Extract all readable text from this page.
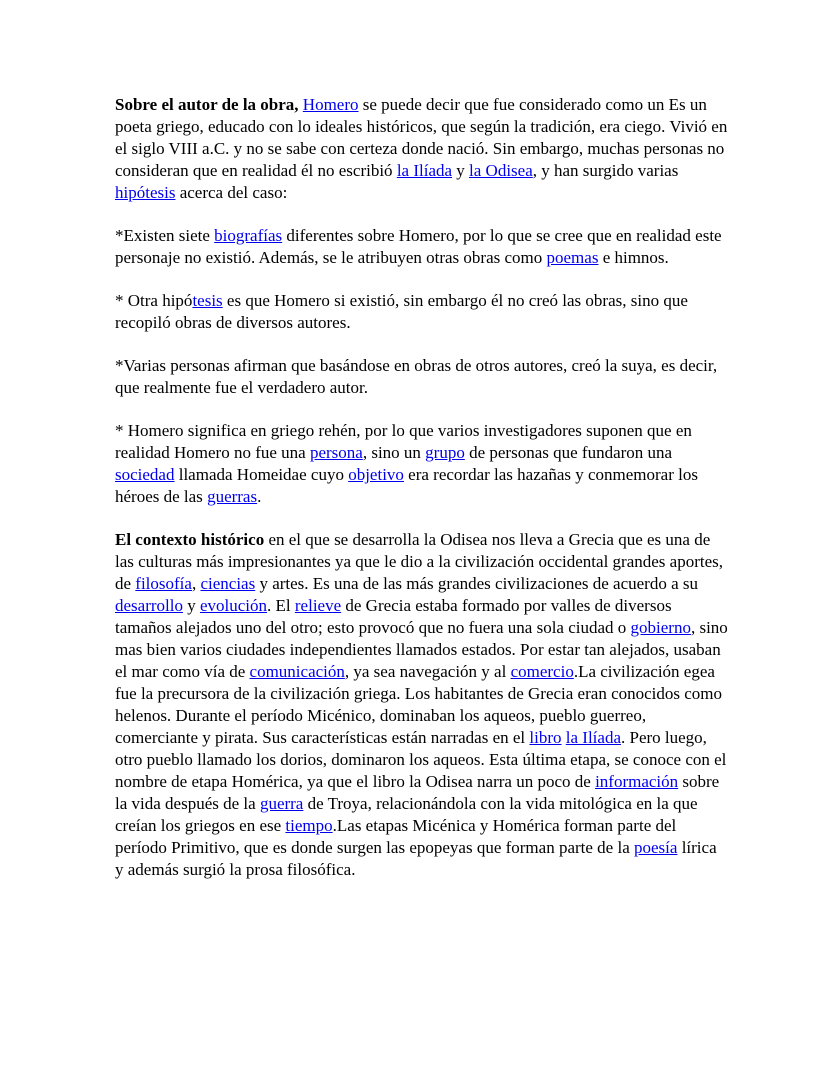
Sobre el autor de la obra, Homero se puede decir que fue considerado como un Es un poeta griego, educado con lo ideales históricos, que según la tradición, era ciego. Vivió en el siglo VIII a.C. y no se sabe con certeza donde nació. Sin embargo, muchas personas no consideran que en realidad él no escribió la Ilíada y la Odisea, y han surgido varias hipótesis acerca del caso:

*Existen siete biografías diferentes sobre Homero, por lo que se cree que en realidad este personaje no existió. Además, se le atribuyen otras obras como poemas e himnos.

* Otra hipótesis es que Homero si existió, sin embargo él no creó las obras, sino que recopiló obras de diversos autores.

*Varias personas afirman que basándose en obras de otros autores, creó la suya, es decir, que realmente fue el verdadero autor.

* Homero significa en griego rehén, por lo que varios investigadores suponen que en realidad Homero no fue una persona, sino un grupo de personas que fundaron una sociedad llamada Homeidae cuyo objetivo era recordar las hazañas y conmemorar los héroes de las guerras.

El contexto histórico en el que se desarrolla la Odisea nos lleva a Grecia que es una de las culturas más impresionantes ya que le dio a la civilización occidental grandes aportes, de filosofía, ciencias y artes. Es una de las más grandes civilizaciones de acuerdo a su desarrollo y evolución. El relieve de Grecia estaba formado por valles de diversos tamaños alejados uno del otro; esto provocó que no fuera una sola ciudad o gobierno, sino mas bien varios ciudades independientes llamados estados. Por estar tan alejados, usaban el mar como vía de comunicación, ya sea navegación y al comercio.La civilización egea fue la precursora de la civilización griega. Los habitantes de Grecia eran conocidos como helenos. Durante el período Micénico, dominaban los aqueos, pueblo guerreo, comerciante y pirata. Sus características están narradas en el libro la Ilíada. Pero luego, otro pueblo llamado los dorios, dominaron los aqueos. Esta última etapa, se conoce con el nombre de etapa Homérica, ya que el libro la Odisea narra un poco de información sobre la vida después de la guerra de Troya, relacionándola con la vida mitológica en la que creían los griegos en ese tiempo.Las etapas Micénica y Homérica forman parte del período Primitivo, que es donde surgen las epopeyas que forman parte de la poesía lírica y además surgió la prosa filosófica.
